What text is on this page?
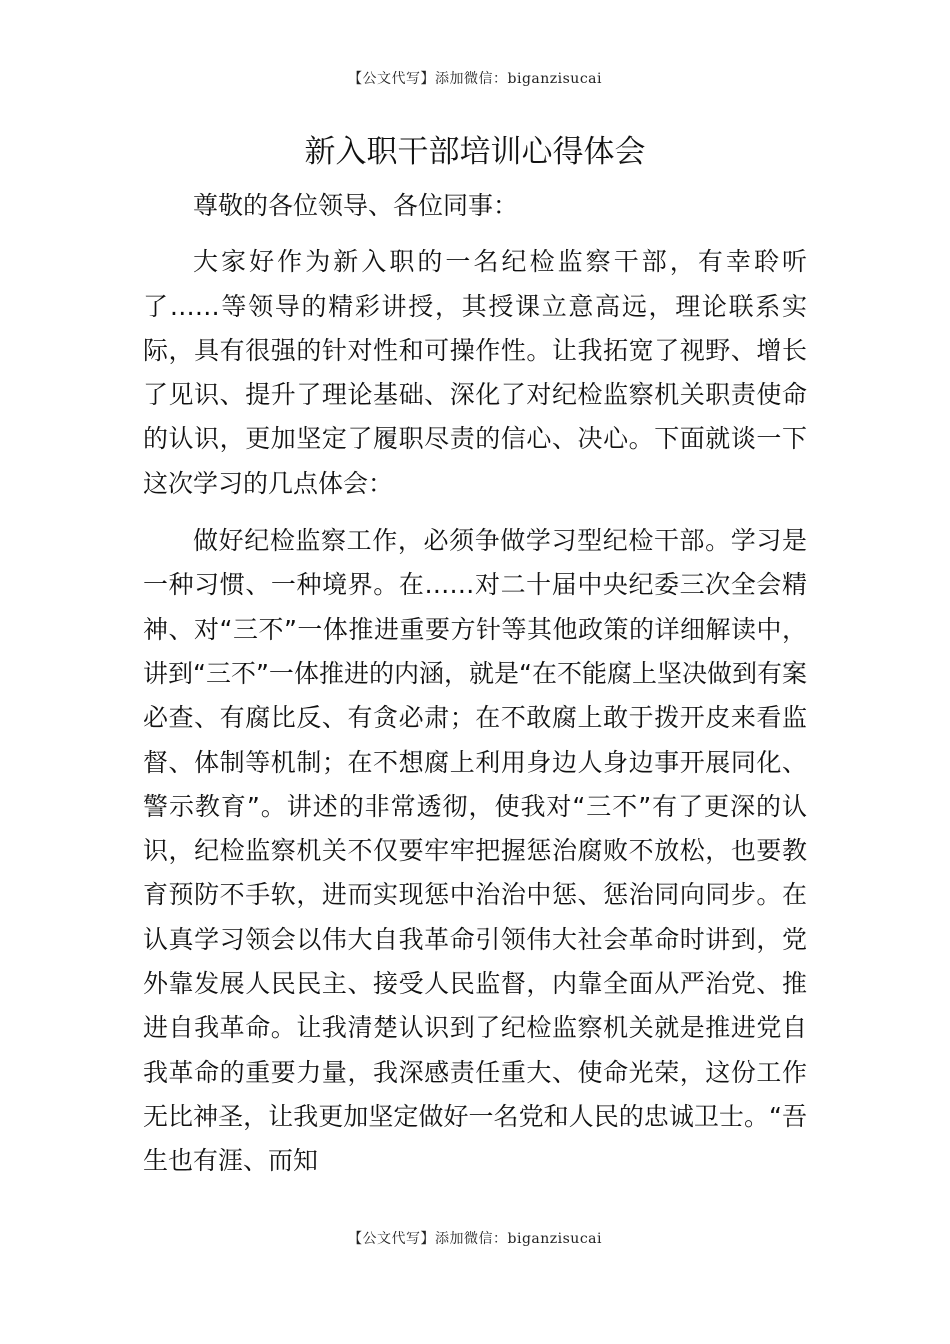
【公文代写】添加微信：biganzisucai
新入职干部培训心得体会

尊敬的各位领导、各位同事：

大家好作为新入职的一名纪检监察干部，有幸聆听了……等领导的精彩讲授，其授课立意高远，理论联系实际，具有很强的针对性和可操作性。让我拓宽了视野、增长了见识、提升了理论基础、深化了对纪检监察机关职责使命的认识，更加坚定了履职尽责的信心、决心。下面就谈一下这次学习的几点体会：

做好纪检监察工作，必须争做学习型纪检干部。学习是一种习惯、一种境界。在……对二十届中央纪委三次全会精神、对“三不”一体推进重要方针等其他政策的详细解读中，讲到“三不”一体推进的内涵，就是“在不能腐上坚决做到有案必查、有腐比反、有贪必肃；在不敢腐上敢于拨开皮来看监督、体制等机制；在不想腐上利用身边人身边事开展同化、警示教育”。讲述的非常透彻，使我对“三不”有了更深的认识，纪检监察机关不仅要牢牢把握惩治腐败不放松，也要教育预防不手软，进而实现惩中治治中惩、惩治同向同步。在认真学习领会以伟大自我革命引领伟大社会革命时讲到，党外靠发展人民民主、接受人民监督，内靠全面从严治党、推进自我革命。让我清楚认识到了纪检监察机关就是推进党自我革命的重要力量，我深感责任重大、使命光荣，这份工作无比神圣，让我更加坚定做好一名党和人民的忠诚卫士。“吾生也有涯、而知

【公文代写】添加微信：biganzisucai
